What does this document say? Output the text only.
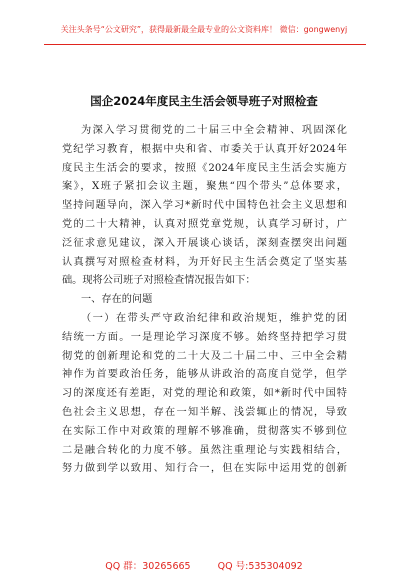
关注头条号“公文研究”，获得最新最全最专业的公文资料库！ 微信：gongwenyj
国企2024年度民主生活会领导班子对照检查
为深入学习贯彻党的二十届三中全会精神、巩固深化
党纪学习教育，根据中央和省、市委关于认真开好2024年
度民主生活会的要求，按照《2024年度民主生活会实施方
案》，X班子紧扣会议主题，聚焦“四个带头”总体要求，
坚持问题导向，深入学习*新时代中国特色社会主义思想和
党的二十大精神，认真对照党章党规，认真学习研讨，广
泛征求意见建议，深入开展谈心谈话，深刻查摆突出问题
认真撰写对照检查材料，为开好民主生活会奠定了坚实基
础。现将公司班子对照检查情况报告如下：
一、存在的问题
（一）在带头严守政治纪律和政治规矩，维护党的团
结统一方面。一是理论学习深度不够。始终坚持把学习贯
彻党的创新理论和党的二十大及二十届二中、三中全会精
神作为首要政治任务，能够从讲政治的高度自觉学，但学
习的深度还有差距，对党的理论和政策，如*新时代中国特
色社会主义思想，存在一知半解、浅尝辄止的情况，导致
在实际工作中对政策的理解不够准确，贯彻落实不够到位
二是融合转化的力度不够。虽然注重理论与实践相结合，
努力做到学以致用、知行合一，但在实际中运用党的创新
QQ 群：30265665	QQ 号:535304092
